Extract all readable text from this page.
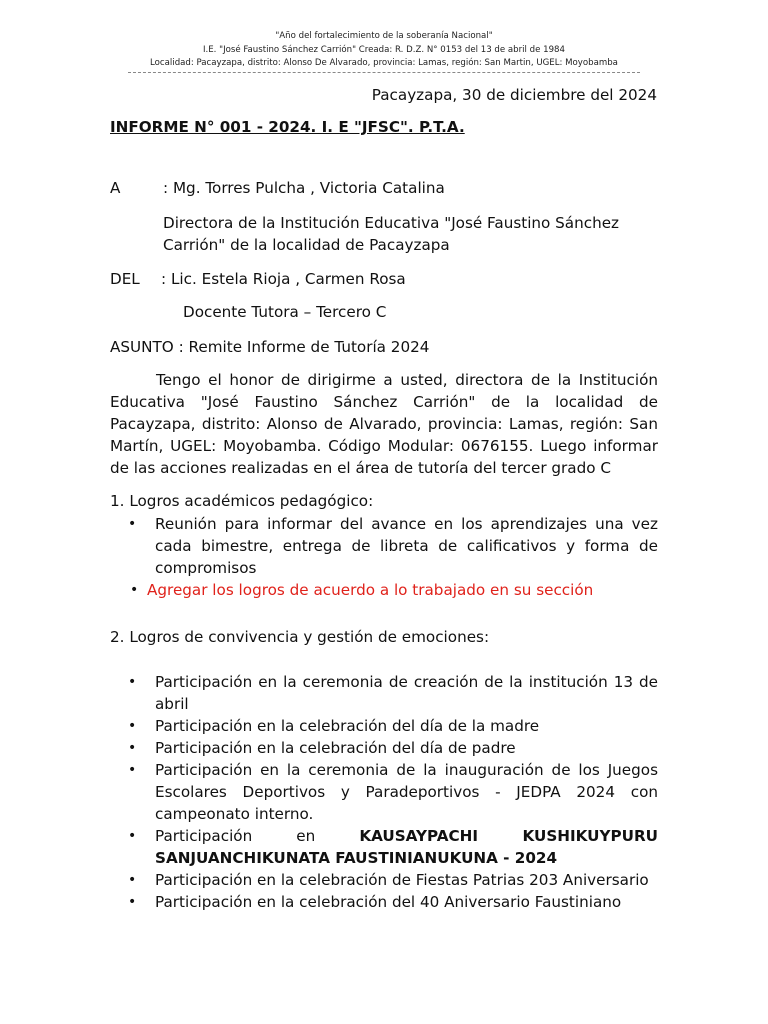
"Año del fortalecimiento de la soberanía Nacional"
I.E. "José Faustino Sánchez Carrión" Creada: R. D.Z. N° 0153 del 13 de abril de 1984
Localidad: Pacayzapa, distrito: Alonso De Alvarado, provincia: Lamas, región: San Martin, UGEL: Moyobamba
Pacayzapa, 30 de diciembre del 2024
INFORME N° 001 - 2024. I. E "JFSC". P.T.A.
A	: Mg. Torres Pulcha , Victoria Catalina
Directora de la Institución Educativa "José Faustino Sánchez Carrión" de la localidad de Pacayzapa
DEL : Lic. Estela Rioja , Carmen Rosa
Docente Tutora – Tercero C
ASUNTO : Remite Informe de Tutoría 2024
Tengo el honor de dirigirme a usted, directora de la Institución Educativa "José Faustino Sánchez Carrión" de la localidad de Pacayzapa, distrito: Alonso de Alvarado, provincia: Lamas, región: San Martín, UGEL: Moyobamba. Código Modular: 0676155. Luego informar de las acciones realizadas en el área de tutoría del tercer grado C
1. Logros académicos pedagógico:
• Reunión para informar del avance en los aprendizajes una vez cada bimestre, entrega de libreta de calificativos y forma de compromisos
• Agregar los logros de acuerdo a lo trabajado en su sección
2. Logros de convivencia y gestión de emociones:
• Participación en la ceremonia de creación de la institución 13 de abril
• Participación en la celebración del día de la madre
• Participación en la celebración del día de padre
• Participación en la ceremonia de la inauguración de los Juegos Escolares Deportivos y Paradeportivos - JEDPA 2024 con campeonato interno.
• Participación en	KAUSAYPACHI KUSHIKUYPURU SANJUANCHIKUNATA FAUSTINIANUKUNA - 2024
• Participación en la celebración de Fiestas Patrias 203 Aniversario
• Participación en la celebración del 40 Aniversario Faustiniano
